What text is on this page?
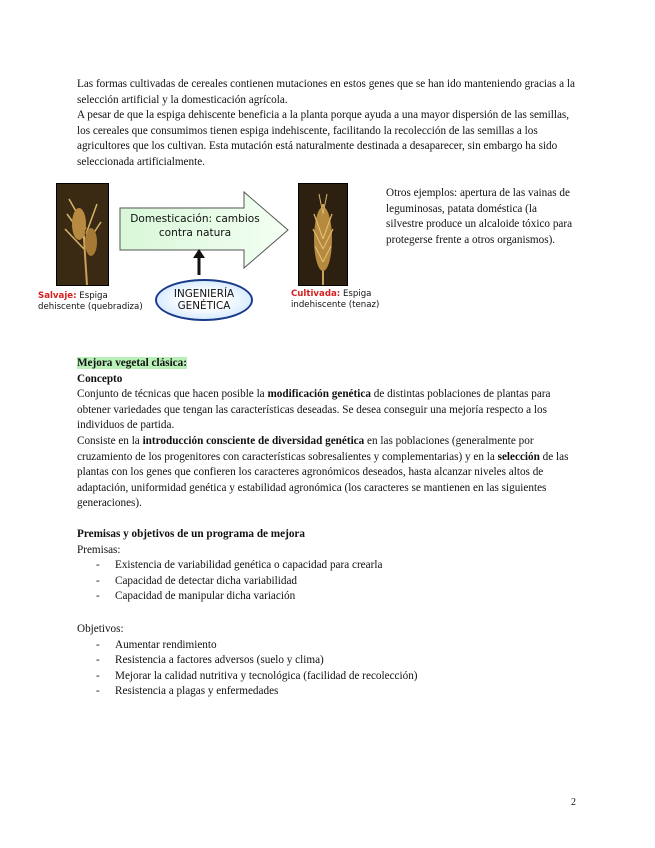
Las formas cultivadas de cereales contienen mutaciones en estos genes que se han ido manteniendo gracias a la selección artificial y la domesticación agrícola.
A pesar de que la espiga dehiscente beneficia a la planta porque ayuda a una mayor dispersión de las semillas, los cereales que consumimos tienen espiga indehiscente, facilitando la recolección de las semillas a los agricultores que los cultivan. Esta mutación está naturalmente destinada a desaparecer, sin embargo ha sido seleccionada artificialmente.
Salvaje: Espiga
dehiscente (quebradiza)
Domesticación: cambios contra natura
INGENIERÍA GENÉTICA
Cultivada: Espiga
indehiscente (tenaz)
Otros ejemplos: apertura de las vainas de leguminosas, patata doméstica (la silvestre produce un alcaloide tóxico para protegerse frente a otros organismos).
Mejora vegetal clásica:
Concepto
Conjunto de técnicas que hacen posible la modificación genética de distintas poblaciones de plantas para obtener variedades que tengan las características deseadas. Se desea conseguir una mejoría respecto a los individuos de partida.
Consiste en la introducción consciente de diversidad genética en las poblaciones (generalmente por cruzamiento de los progenitores con características sobresalientes y complementarias) y en la selección de las plantas con los genes que confieren los caracteres agronómicos deseados, hasta alcanzar niveles altos de adaptación, uniformidad genética y estabilidad agronómica (los caracteres se mantienen en las siguientes generaciones).
Premisas y objetivos de un programa de mejora
Premisas:
- Existencia de variabilidad genética o capacidad para crearla
- Capacidad de detectar dicha variabilidad
- Capacidad de manipular dicha variación
Objetivos:
- Aumentar rendimiento
- Resistencia a factores adversos (suelo y clima)
- Mejorar la calidad nutritiva y tecnológica (facilidad de recolección)
- Resistencia a plagas y enfermedades
2
